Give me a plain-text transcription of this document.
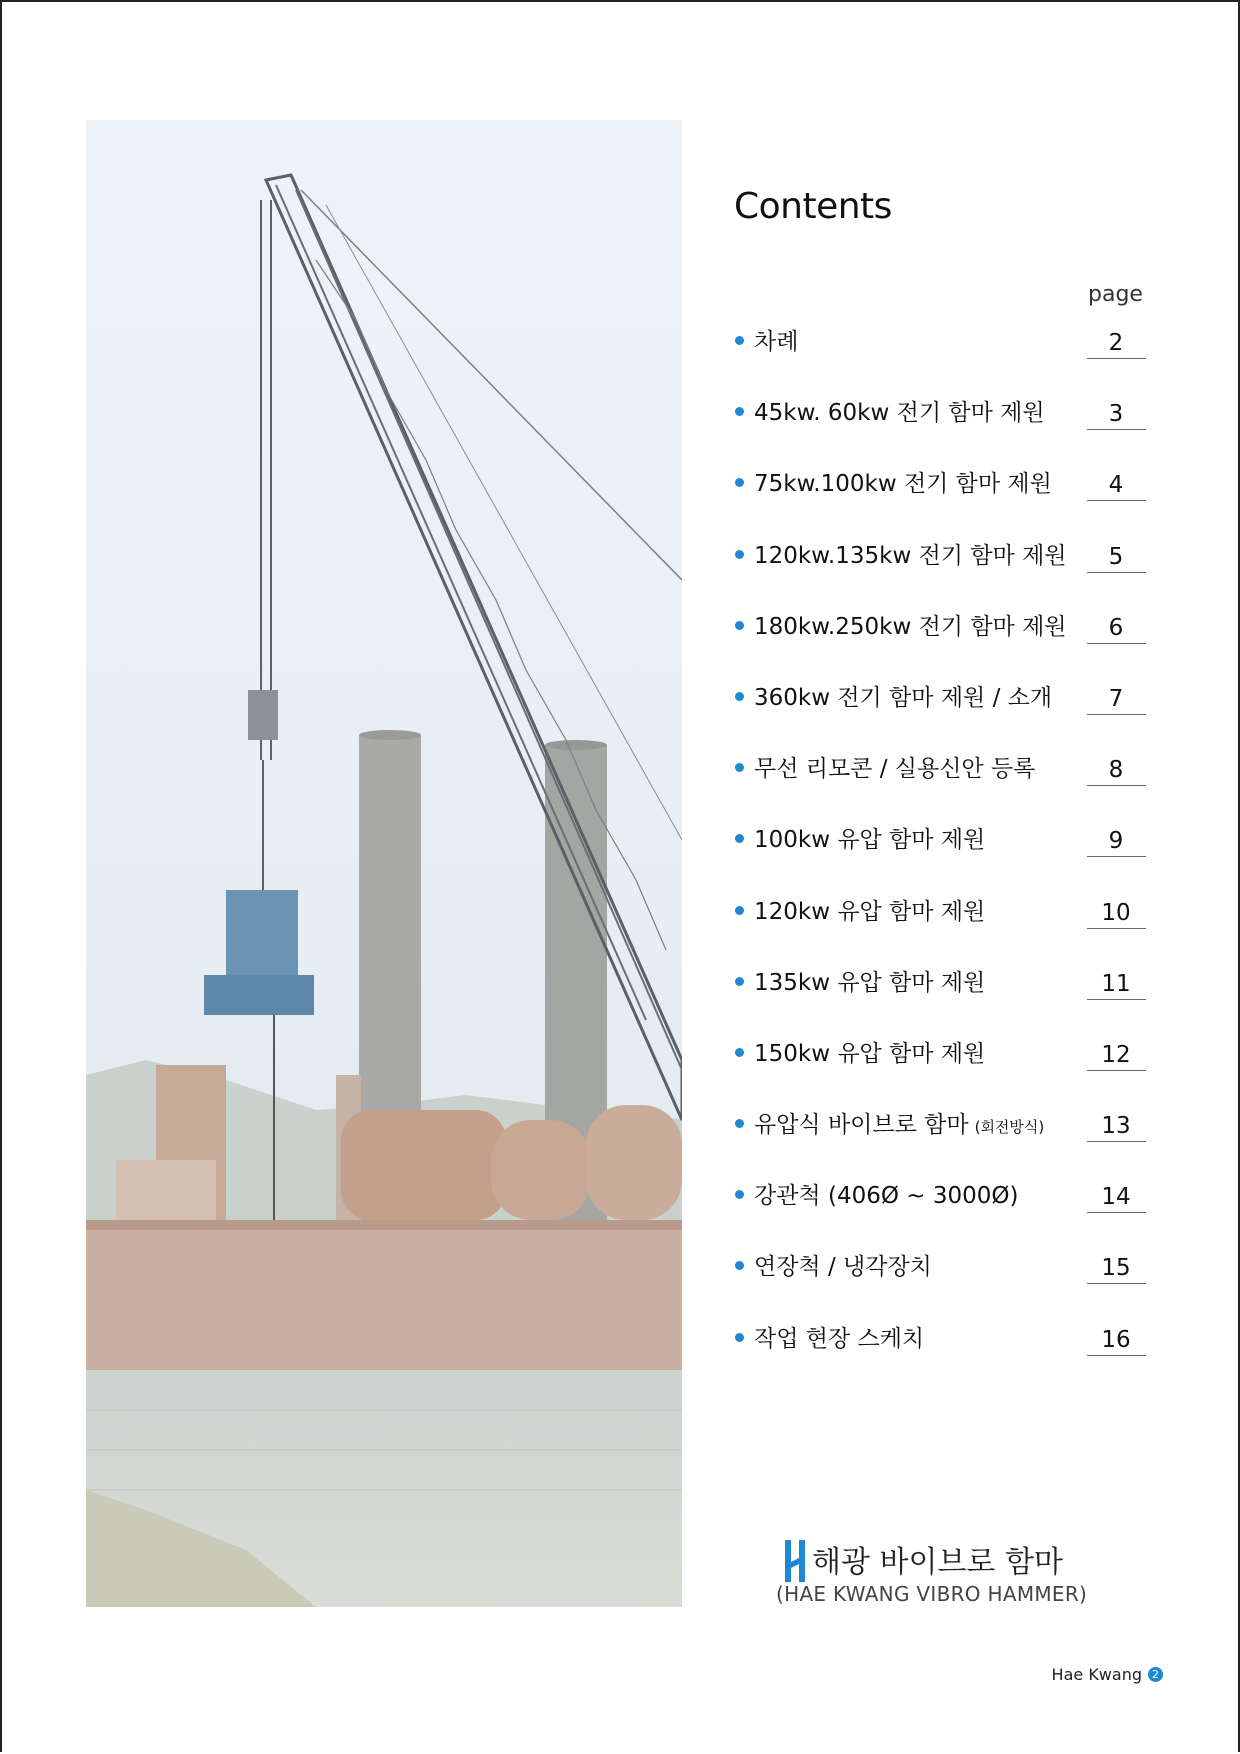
Contents
page
차례	2
45kw. 60kw 전기 함마 제원	3
75kw.100kw 전기 함마 제원	4
120kw.135kw 전기 함마 제원	5
180kw.250kw 전기 함마 제원	6
360kw 전기 함마 제원 / 소개	7
무선 리모콘 / 실용신안 등록	8
100kw 유압 함마 제원	9
120kw 유압 함마 제원	10
135kw 유압 함마 제원	11
150kw 유압 함마 제원	12
유압식 바이브로 함마 (회전방식)	13
강관척 (406Ø ~ 3000Ø)	14
연장척 / 냉각장치	15
작업 현장 스케치	16
해광 바이브로 함마
(HAE KWANG VIBRO HAMMER)
Hae Kwang 2
